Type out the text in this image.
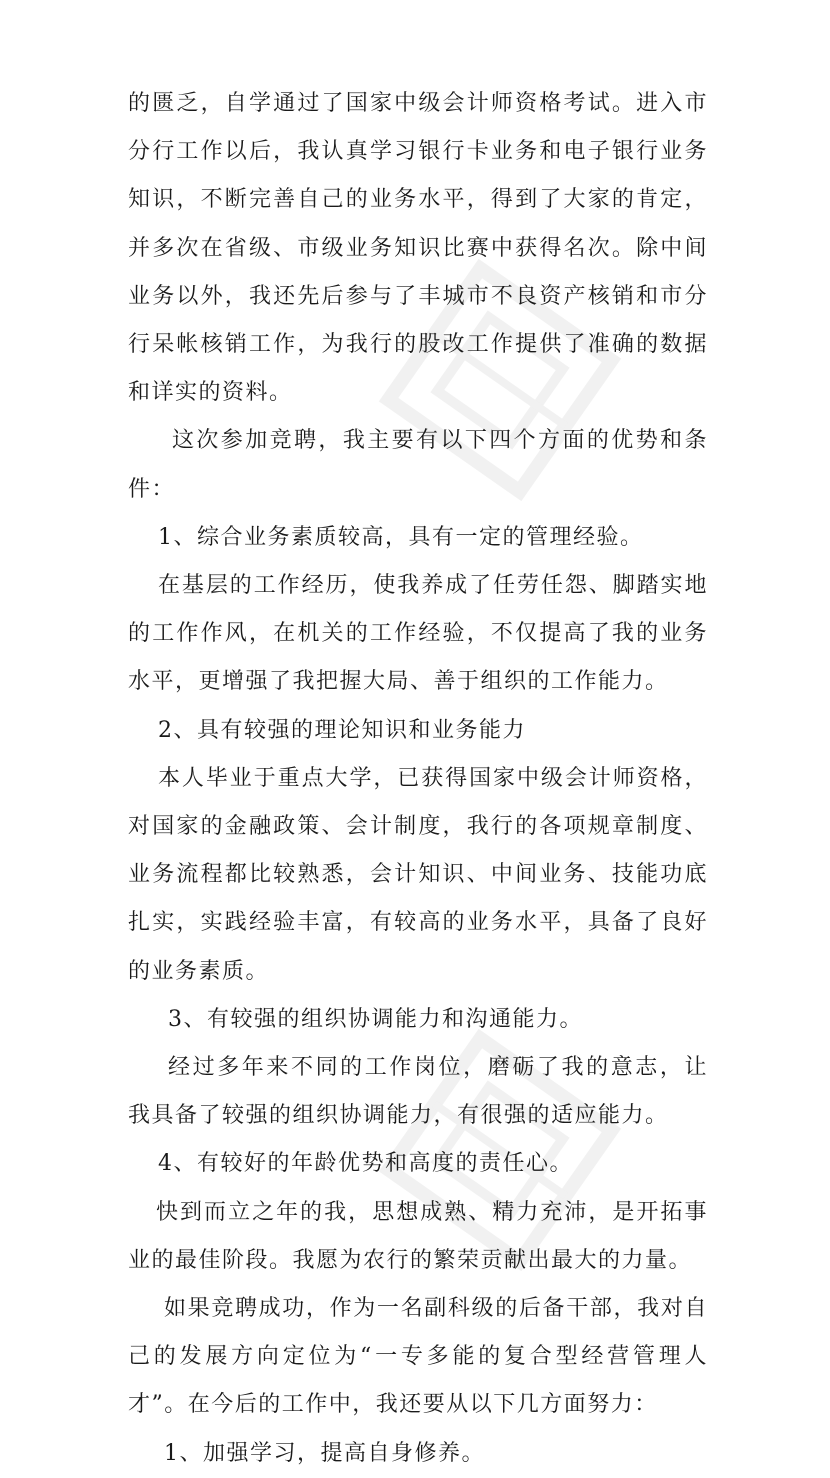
的匮乏，自学通过了国家中级会计师资格考试。进入市分行工作以后，我认真学习银行卡业务和电子银行业务知识，不断完善自己的业务水平，得到了大家的肯定，并多次在省级、市级业务知识比赛中获得名次。除中间业务以外，我还先后参与了丰城市不良资产核销和市分行呆帐核销工作，为我行的股改工作提供了准确的数据和详实的资料。

这次参加竞聘，我主要有以下四个方面的优势和条件：

1、综合业务素质较高，具有一定的管理经验。

在基层的工作经历，使我养成了任劳任怨、脚踏实地的工作作风，在机关的工作经验，不仅提高了我的业务水平，更增强了我把握大局、善于组织的工作能力。

2、具有较强的理论知识和业务能力

本人毕业于重点大学，已获得国家中级会计师资格，对国家的金融政策、会计制度，我行的各项规章制度、业务流程都比较熟悉，会计知识、中间业务、技能功底扎实，实践经验丰富，有较高的业务水平，具备了良好的业务素质。

3、有较强的组织协调能力和沟通能力。

经过多年来不同的工作岗位，磨砺了我的意志，让我具备了较强的组织协调能力，有很强的适应能力。

4、有较好的年龄优势和高度的责任心。

快到而立之年的我，思想成熟、精力充沛，是开拓事业的最佳阶段。我愿为农行的繁荣贡献出最大的力量。

如果竞聘成功，作为一名副科级的后备干部，我对自己的发展方向定位为“一专多能的复合型经营管理人才”。在今后的工作中，我还要从以下几方面努力：

1、加强学习，提高自身修养。
